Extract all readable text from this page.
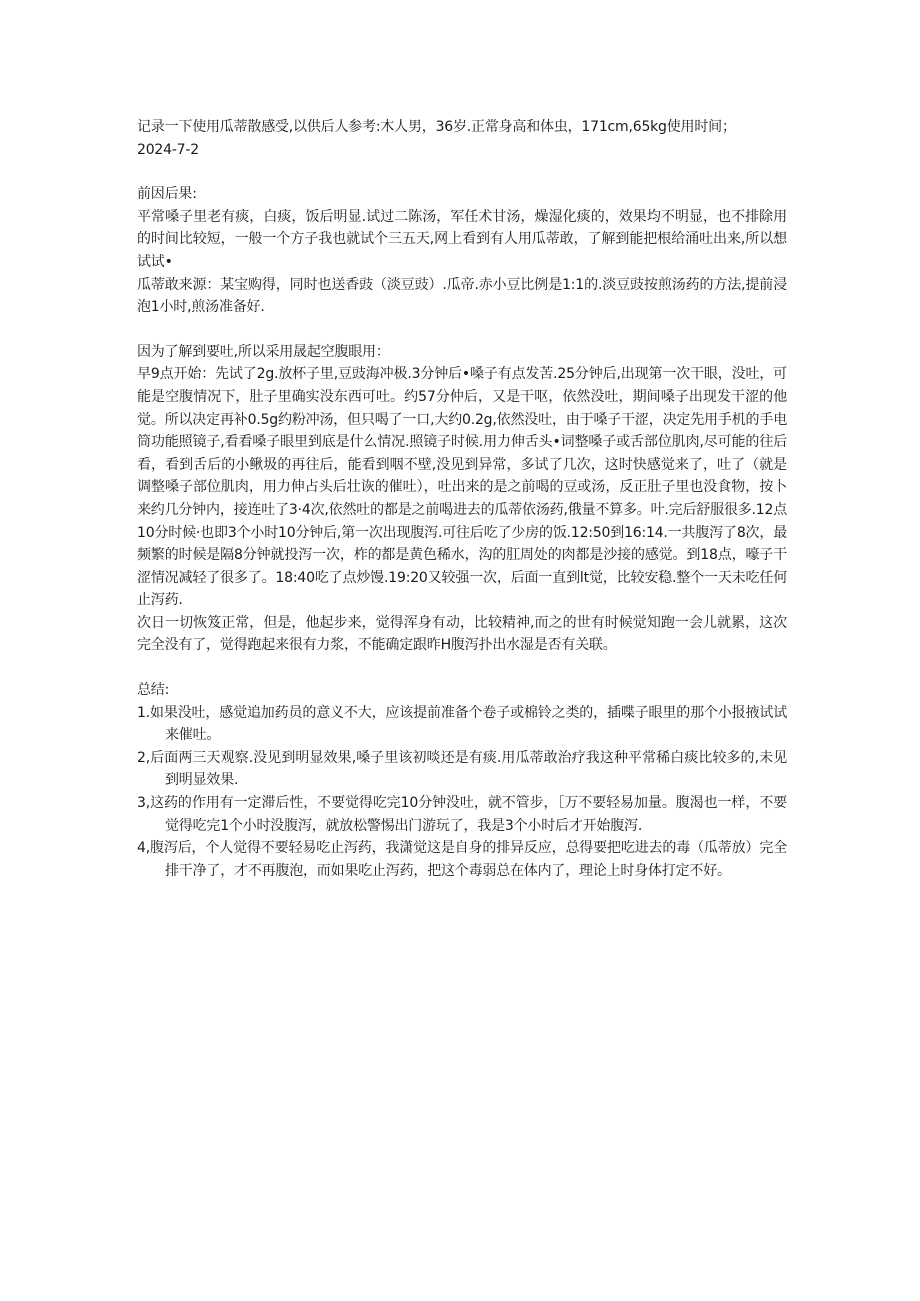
记录一下使用瓜蒂散感受,以供后人参考:木人男，36岁.正常身高和体虫，171cm,65kg使用时间；

2024-7-2

前因后果:

平常嗓子里老有痰，白痰，饭后明显.试过二陈汤，军任术甘汤，燥湿化痰的，效果均不明显，也不排除用的时间比较短，一般一个方子我也就试个三五天,网上看到有人用瓜蒂敢，了解到能把根给涌吐出来,所以想试试•

瓜蒂敢来源：某宝购得，同时也送香豉（淡豆豉）.瓜帝.赤小豆比例是1:1的.淡豆豉按煎汤药的方法,提前浸泡1小时,煎汤准备好.

因为了解到要吐,所以采用晟起空腹眼用：

早9点开始：先试了2g.放杯子里,豆豉海冲极.3分钟后•嗓子有点发苦.25分钟后,出现第一次干眼，没吐，可能是空腹情况下，肚子里确实没东西可吐。约57分仲后，又是干呕，依然没吐，期间嗓子出现发干涩的他觉。所以决定再补0.5g约粉冲汤，但只喝了一口,大约0.2g,依然没吐，由于嗓子干涩，决定先用手机的手电筒功能照镜子,看看嗓子眼里到底是什么情况.照镜子时候.用力伸舌头•词整嗓子或舌部位肌肉,尽可能的往后看，看到舌后的小鳅圾的再往后，能看到咽不壁,没见到异常，多试了几次，这时快感觉来了，吐了（就是调整嗓子部位肌肉，用力伸占头后壮诙的催吐），吐出来的是之前喝的豆或汤，反正肚子里也没食物，按卜来约几分钟内，接连吐了3·4次,依然吐的都是之前喝进去的瓜蒂依汤药,俄量不算多。叶.完后舒服很多.12点10分时候·也即3个小时10分钟后,第一次出现腹泻.可往后吃了少房的饭.12:50到16:14.一共腹泻了8次，最频繁的时候是隔8分钟就投泻一次，柞的都是黄色稀水，沟的肛周处的肉都是沙接的感觉。到18点，嚎子干涩情况减轻了很多了。18:40吃了点炒馒.19:20又较强一次，后面一直到lt觉，比较安稳.整个一天未吃任何止泻药.

次日一切恢笈正常，但是，他起步来，觉得浑身有动，比较精神,而之的世有时候觉知跑一会儿就累，这次完全没有了，觉得跑起来很有力浆，不能确定跟昨H腹泻扑出水湿是否有关联。

总结:

1.如果没吐，感觉追加药员的意义不大，应该提前准备个卷子或棉铃之类的，插喋子眼里的那个小报掖试试来催吐。
2,后面两三天观察.没见到明显效果,嗓子里该初啖还是有痰.用瓜蒂敢治疗我这种平常稀白痰比较多的,未见到明显效果.
3,这药的作用有一定滞后性，不要觉得吃完10分钟没吐，就不管步，［万不要轻易加量。腹渴也一样，不要觉得吃完1个小时没腹泻，就放松警惕出门游玩了，我是3个小时后才开始腹泻.
4,腹泻后，个人觉得不要轻易吃止泻药，我潇觉这是自身的排异反应，总得要把吃进去的毒（瓜蒂放）完全排干净了，才不再腹泡，而如果吃止泻药，把这个毒弱总在体内了，理论上时身体打定不好。
